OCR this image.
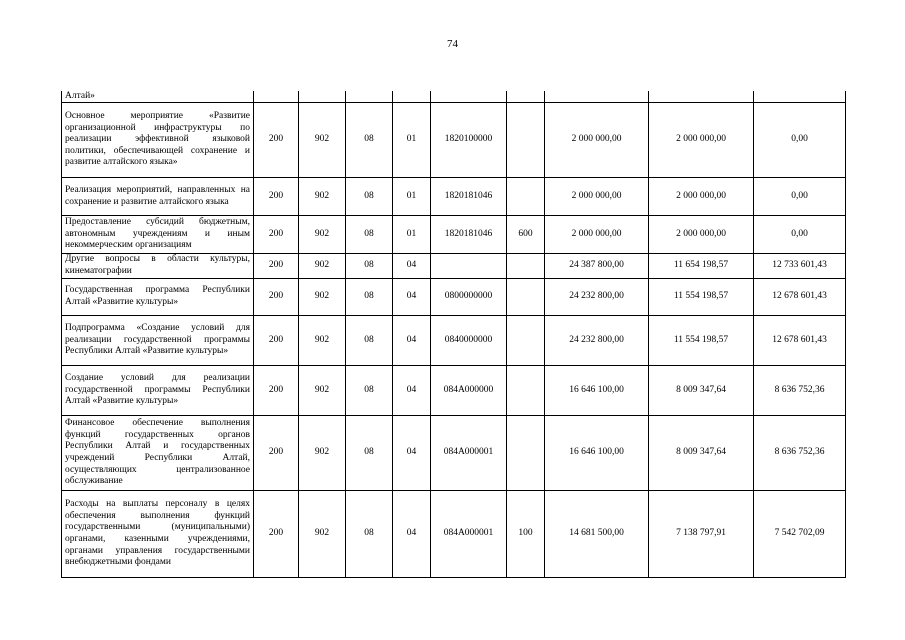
74
Алтай»									
Основное мероприятие «Развитие организационной инфраструктуры по реализации эффективной языковой политики, обеспечивающей сохранение и развитие алтайского языка»	200	902	08	01	1820100000		2 000 000,00	2 000 000,00	0,00
Реализация мероприятий, направленных на сохранение и развитие алтайского языка	200	902	08	01	1820181046		2 000 000,00	2 000 000,00	0,00
Предоставление субсидий бюджетным, автономным учреждениям и иным некоммерческим организациям	200	902	08	01	1820181046	600	2 000 000,00	2 000 000,00	0,00
Другие вопросы в области культуры, кинематографии	200	902	08	04			24 387 800,00	11 654 198,57	12 733 601,43
Государственная программа Республики Алтай «Развитие культуры»	200	902	08	04	0800000000		24 232 800,00	11 554 198,57	12 678 601,43
Подпрограмма «Создание условий для реализации государственной программы Республики Алтай «Развитие культуры»	200	902	08	04	0840000000		24 232 800,00	11 554 198,57	12 678 601,43
Создание условий для реализации государственной программы Республики Алтай «Развитие культуры»	200	902	08	04	084A000000		16 646 100,00	8 009 347,64	8 636 752,36
Финансовое обеспечение выполнения функций государственных органов Республики Алтай и государственных учреждений Республики Алтай, осуществляющих централизованное обслуживание	200	902	08	04	084A000001		16 646 100,00	8 009 347,64	8 636 752,36
Расходы на выплаты персоналу в целях обеспечения выполнения функций государственными (муниципальными) органами, казенными учреждениями, органами управления государственными внебюджетными фондами	200	902	08	04	084A000001	100	14 681 500,00	7 138 797,91	7 542 702,09
